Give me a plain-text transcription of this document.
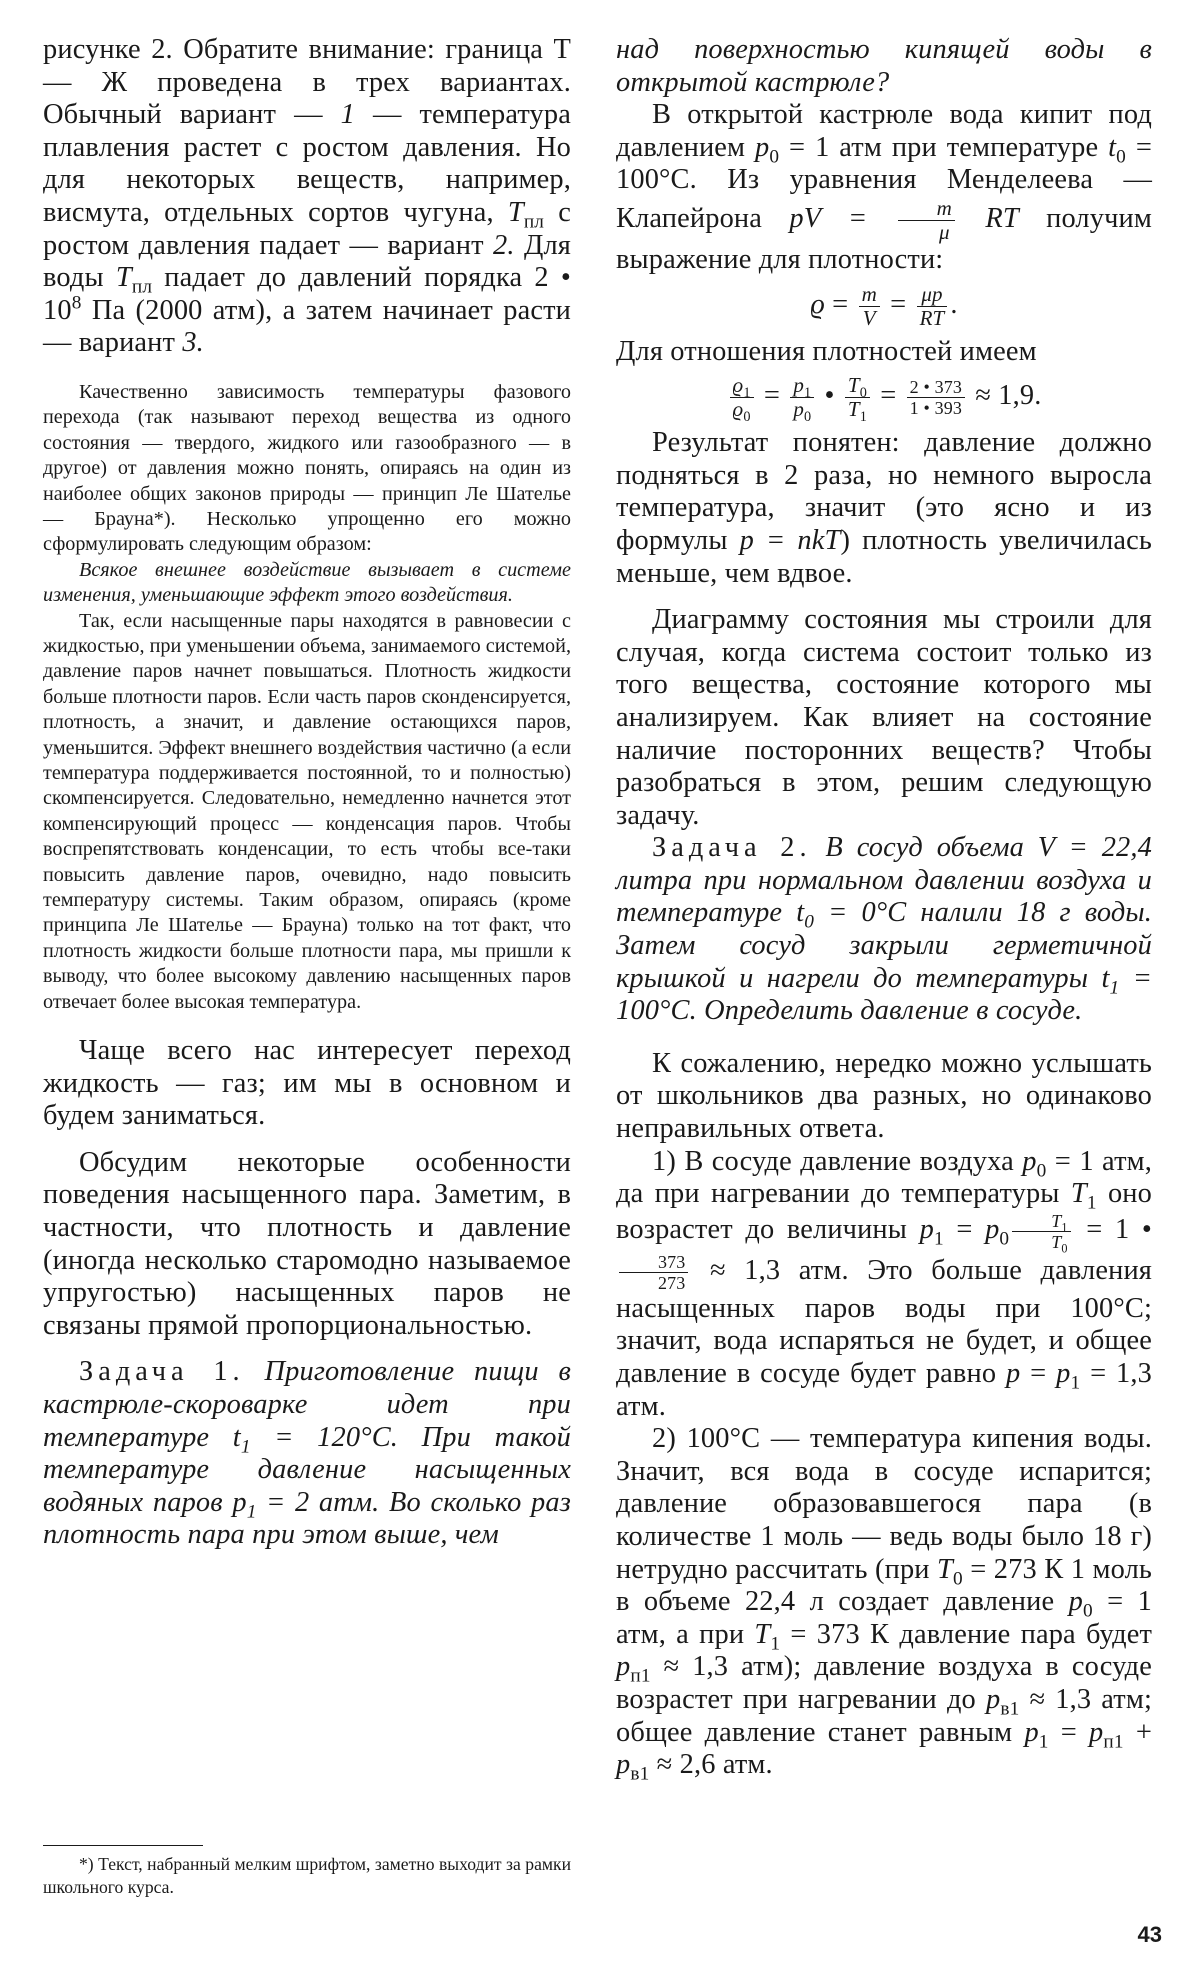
рисунке 2. Обратите внимание: граница Т — Ж проведена в трех вариантах. Обычный вариант — 1 — температура плавления растет с ростом давления. Но для некоторых веществ, например, висмута, отдельных сортов чугуна, $T_{пл}$ с ростом давления падает — вариант 2. Для воды $T_{пл}$ падает до давлений порядка 2 • $10^8$ Па (2000 атм), а затем начинает расти — вариант 3.

Качественно зависимость температуры фазового перехода (так называют переход вещества из одного состояния — твердого, жидкого или газообразного — в другое) от давления можно понять, опираясь на один из наиболее общих законов природы — принцип Ле Шателье — Брауна*). Несколько упрощенно его можно сформулировать следующим образом:

Всякое внешнее воздействие вызывает в системе изменения, уменьшающие эффект этого воздействия.

Так, если насыщенные пары находятся в равновесии с жидкостью, при уменьшении объема, занимаемого системой, давление паров начнет повышаться. Плотность жидкости больше плотности паров. Если часть паров сконденсируется, плотность, а значит, и давление остающихся паров, уменьшится. Эффект внешнего воздействия частично (а если температура поддерживается постоянной, то и полностью) скомпенсируется. Следовательно, немедленно начнется этот компенсирующий процесс — конденсация паров. Чтобы воспрепятствовать конденсации, то есть чтобы все-таки повысить давление паров, очевидно, надо повысить температуру системы. Таким образом, опираясь (кроме принципа Ле Шателье — Брауна) только на тот факт, что плотность жидкости больше плотности пара, мы пришли к выводу, что более высокому давлению насыщенных паров отвечает более высокая температура.

Чаще всего нас интересует переход жидкость — газ; им мы в основном и будем заниматься.

Обсудим некоторые особенности поведения насыщенного пара. Заметим, в частности, что плотность и давление (иногда несколько старомодно называемое упругостью) насыщенных паров не связаны прямой пропорциональностью.

Задача 1. Приготовление пищи в кастрюле-скороварке идет при температуре $t_1 = 120^\circ C$. При такой температуре давление насыщенных водяных паров $p_1 = 2$ атм. Во сколько раз плотность пара при этом выше, чем

над поверхностью кипящей воды в открытой кастрюле?

В открытой кастрюле вода кипит под давлением $p_0 = 1$ атм при температуре $t_0 = 100^\circ C$. Из уравнения Менделеева — Клапейрона pV = $\frac{m}{\mu}$ RT получим выражение для плотности:

$ϱ = \frac{m}{V} = \frac{\mu p}{RT}$ .

Для отношения плотностей имеем

$\frac{ϱ_1}{ϱ_0} = \frac{p_1}{p_0}$ • $\frac{T_0}{T_1} = \frac{2 • 373}{1 • 393} \approx 1,9$.

Результат понятен: давление должно подняться в 2 раза, но немного выросла температура, значит (это ясно и из формулы p = nkT) плотность увеличилась меньше, чем вдвое.

Диаграмму состояния мы строили для случая, когда система состоит только из того вещества, состояние которого мы анализируем. Как влияет на состояние наличие посторонних веществ? Чтобы разобраться в этом, решим следующую задачу.

Задача 2. В сосуд объема V = 22,4 литра при нормальном давлении воздуха и температуре $t_0 = 0^\circ C$ налили 18 г воды. Затем сосуд закрыли герметичной крышкой и нагрели до температуры $t_1 = 100^\circ C$. Определить давление в сосуде.

К сожалению, нередко можно услышать от школьников два разных, но одинаково неправильных ответа.

1) В сосуде давление воздуха $p_0 = 1$ атм, да при нагревании до температуры $T_1$ оно возрастет до величины $p_1 = p_0 \frac{T_1}{T_0} = 1$ •
$\frac{373}{273} \approx 1,3$ атм. Это больше давления насыщенных паров воды при 100°C; значит, вода испаряться не будет, и общее давление в сосуде будет равно $p = p_1 = 1,3$ атм.

2) 100°C — температура кипения воды. Значит, вся вода в сосуде испарится; давление образовавшегося пара (в количестве 1 моль — ведь воды было 18 г) нетрудно рассчитать (при $T_0 = 273$ К 1 моль в объеме 22,4 л создает давление $p_0 = 1$ атм, а при $T_1 = 373$ К давление пара будет $p_{п1} \approx 1,3$ атм); давление воздуха в сосуде возрастет при нагревании до $p_{в1} \approx 1,3$ атм; общее давление станет равным $p_1 = p_{п1} + p_{в1} \approx 2,6$ атм.

*) Текст, набранный мелким шрифтом, заметно выходит за рамки школьного курса.

43
